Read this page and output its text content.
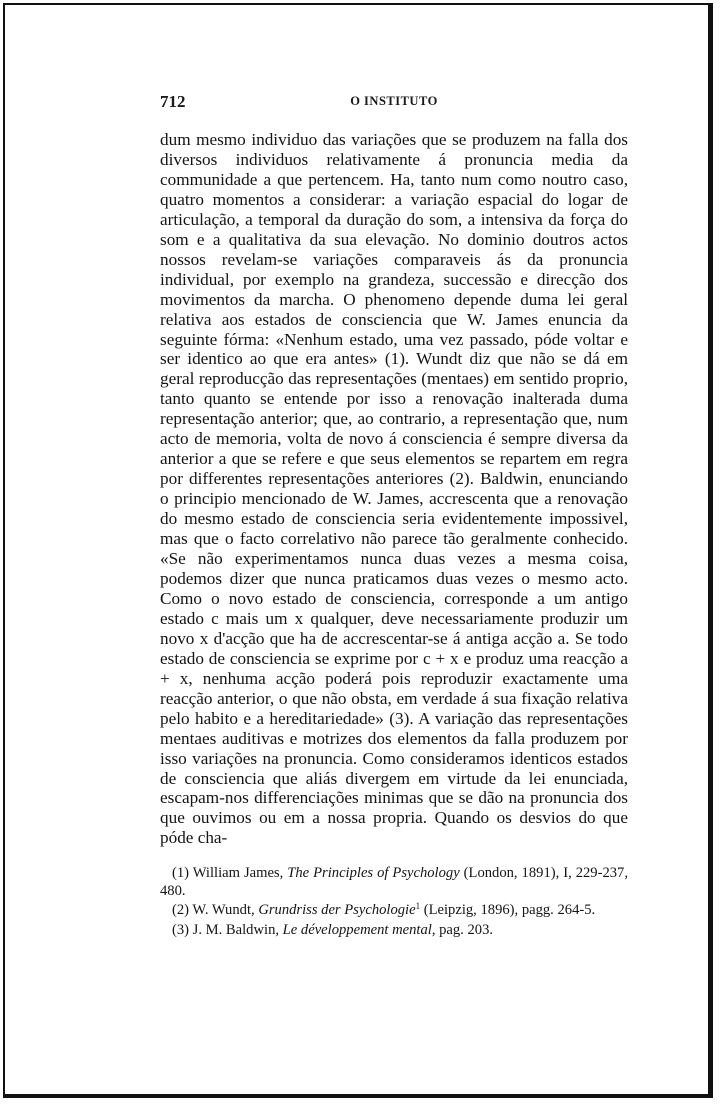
712	O INSTITUTO

dum mesmo individuo das variações que se produzem na falla dos diversos individuos relativamente á pronuncia media da communidade a que pertencem. Ha, tanto num como noutro caso, quatro momentos a considerar: a variação espacial do logar de articulação, a temporal da duração do som, a intensiva da força do som e a qualitativa da sua elevação. No dominio doutros actos nossos revelam-se variações comparaveis ás da pronuncia individual, por exemplo na grandeza, successão e direcção dos movimentos da marcha. O phenomeno depende duma lei geral relativa aos estados de consciencia que W. James enuncia da seguinte fórma: «Nenhum estado, uma vez passado, póde voltar e ser identico ao que era antes» (1). Wundt diz que não se dá em geral reproducção das representações (mentaes) em sentido proprio, tanto quanto se entende por isso a renovação inalterada duma representação anterior; que, ao contrario, a representação que, num acto de memoria, volta de novo á consciencia é sempre diversa da anterior a que se refere e que seus elementos se repartem em regra por differentes representações anteriores (2). Baldwin, enunciando o principio mencionado de W. James, accrescenta que a renovação do mesmo estado de consciencia seria evidentemente impossivel, mas que o facto correlativo não parece tão geralmente conhecido. «Se não experimentamos nunca duas vezes a mesma coisa, podemos dizer que nunca praticamos duas vezes o mesmo acto. Como o novo estado de consciencia, corresponde a um antigo estado c mais um x qualquer, deve necessariamente produzir um novo x d'acção que ha de accrescentar-se á antiga acção a. Se todo estado de consciencia se exprime por c + x e produz uma reacção a + x, nenhuma acção poderá pois reproduzir exactamente uma reacção anterior, o que não obsta, em verdade á sua fixação relativa pelo habito e a hereditariedade» (3). A variação das representações mentaes auditivas e motrizes dos elementos da falla produzem por isso variações na pronuncia. Como consideramos identicos estados de consciencia que aliás divergem em virtude da lei enunciada, escapam-nos differenciações minimas que se dão na pronuncia dos que ouvimos ou em a nossa propria. Quando os desvios do que póde cha-

(1) William James, The Principles of Psychology (London, 1891), I, 229-237, 480.

(2) W. Wundt, Grundriss der Psychologie$^1$ (Leipzig, 1896), pagg. 264-5.

(3) J. M. Baldwin, Le développement mental, pag. 203.
